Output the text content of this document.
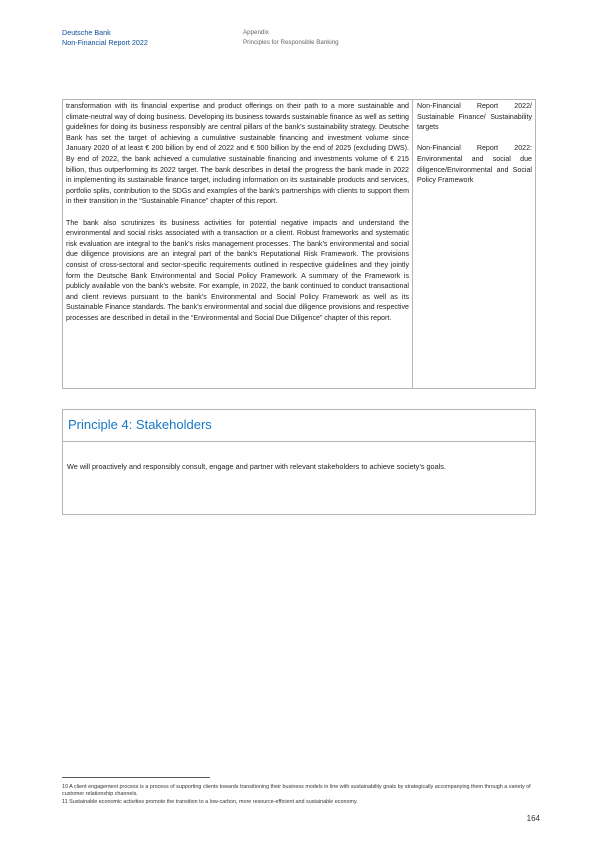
Deutsche Bank
Non-Financial Report 2022
Appendix
Principles for Responsible Banking

transformation with its financial expertise and product offerings on their path to a more sustainable and climate-neutral way of doing business. Developing its business towards sustainable finance as well as setting guidelines for doing its business responsibly are central pillars of the bank’s sustainability strategy. Deutsche Bank has set the target of achieving a cumulative sustainable financing and investment volume since January 2020 of at least € 200 billion by end of 2022 and € 500 billion by the end of 2025 (excluding DWS). By end of 2022, the bank achieved a cumulative sustainable financing and investments volume of € 215 billion, thus outperforming its 2022 target. The bank describes in detail the progress the bank made in 2022 in implementing its sustainable finance target, including information on its sustainable products and services, portfolio splits, contribution to the SDGs and examples of the bank’s partnerships with clients to support them in their transition in the “Sustainable Finance” chapter of this report.

The bank also scrutinizes its business activities for potential negative impacts and understand the environmental and social risks associated with a transaction or a client. Robust frameworks and systematic risk evaluation are integral to the bank’s risks management processes. The bank’s environmental and social due diligence provisions are an integral part of the bank’s Reputational Risk Framework. The provisions consist of cross-sectoral and sector-specific requirements outlined in respective guidelines and they jointly form the Deutsche Bank Environmental and Social Policy Framework. A summary of the Framework is publicly available von the bank’s website. For example, in 2022, the bank continued to conduct transactional and client reviews pursuant to the bank’s Environmental and Social Policy Framework as well as its Sustainable Finance standards. The bank’s environmental and social due diligence provisions and respective processes are described in detail in the “Environmental and Social Due Diligence” chapter of this report.

Non-Financial Report 2022/ Sustainable Finance/ Sustainability targets

Non-Financial Report 2022: Environmental and social due diligence/Environmental and Social Policy Framework

Principle 4: Stakeholders
We will proactively and responsibly consult, engage and partner with relevant stakeholders to achieve society’s goals.

10 A client engagement process is a process of supporting clients towards transitioning their business models in line with sustainability goals by strategically accompanying them through a variety of customer relationship channels.

11 Sustainable economic activities promote the transition to a low-carbon, more resource-efficient and sustainable economy.

164
